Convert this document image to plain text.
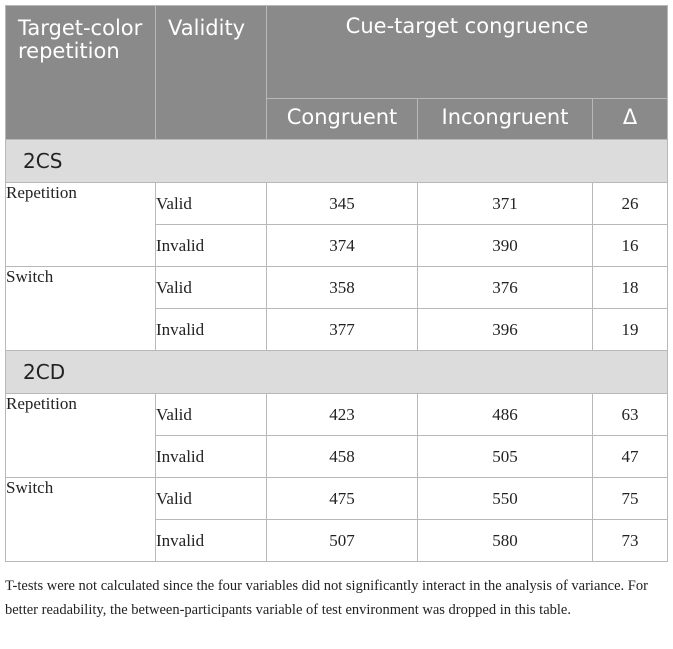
Target-color repetition	Validity	Cue-target congruence		

		Congruent	Incongruent	Δ

2CS				
Repetition	Valid	345	371	26
	Invalid	374	390	16
Switch	Valid	358	376	18
	Invalid	377	396	19
2CD				
Repetition	Valid	423	486	63
	Invalid	458	505	47
Switch	Valid	475	550	75
	Invalid	507	580	73
T-tests were not calculated since the four variables did not significantly interact in the analysis of variance. For better readability, the between-participants variable of test environment was dropped in this table.
